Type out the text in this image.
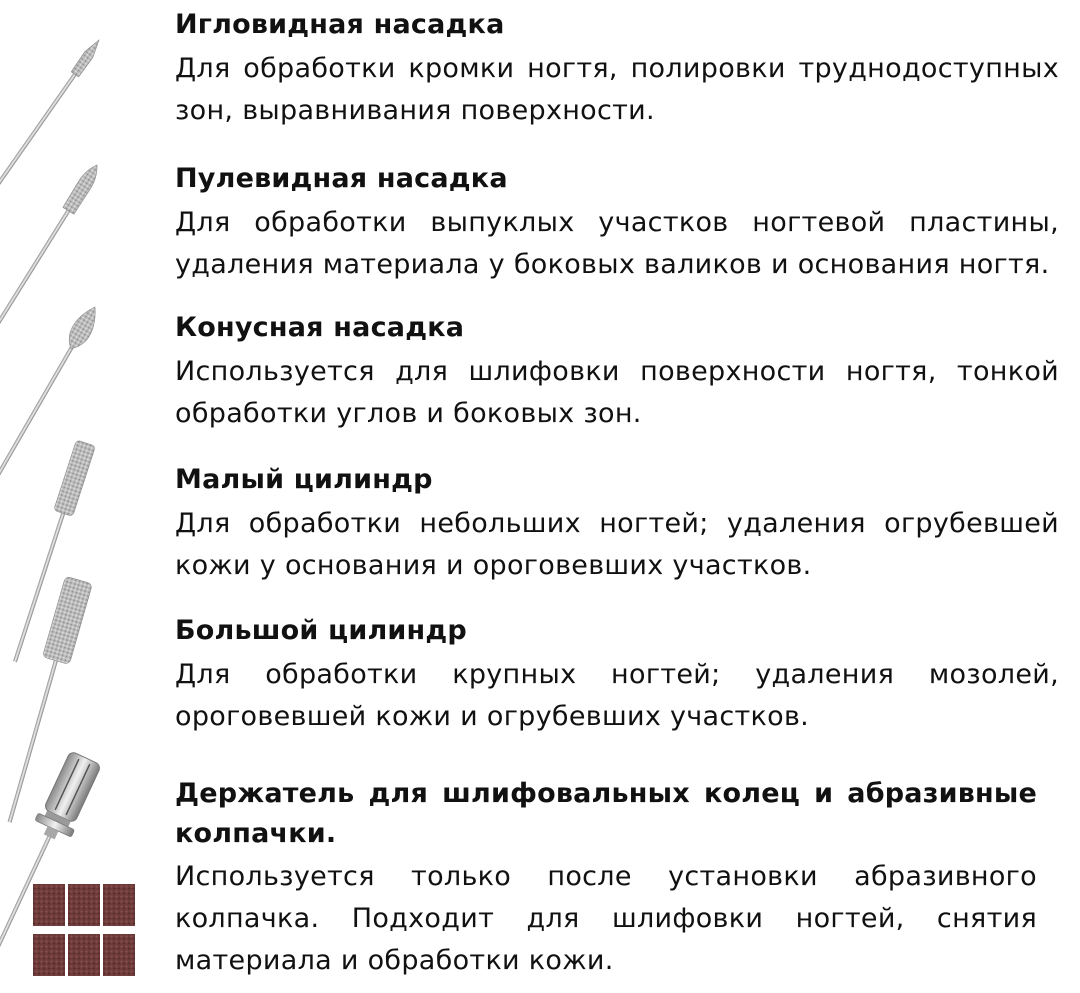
Игловидная насадка

Для обработки кромки ногтя, полировки труднодоступных зон, выравнивания поверхности.

Пулевидная насадка

Для обработки выпуклых участков ногтевой пластины, удаления материала у боковых валиков и основания ногтя.

Конусная насадка

Используется для шлифовки поверхности ногтя, тонкой обработки углов и боковых зон.

Малый цилиндр

Для обработки небольших ногтей; удаления огрубевшей кожи у основания и ороговевших участков.

Большой цилиндр

Для обработки крупных ногтей; удаления мозолей, ороговевшей кожи и огрубевших участков.

Держатель для шлифовальных колец и абразивные колпачки.

Используется только после установки абразивного колпачка. Подходит для шлифовки ногтей, снятия материала и обработки кожи.
